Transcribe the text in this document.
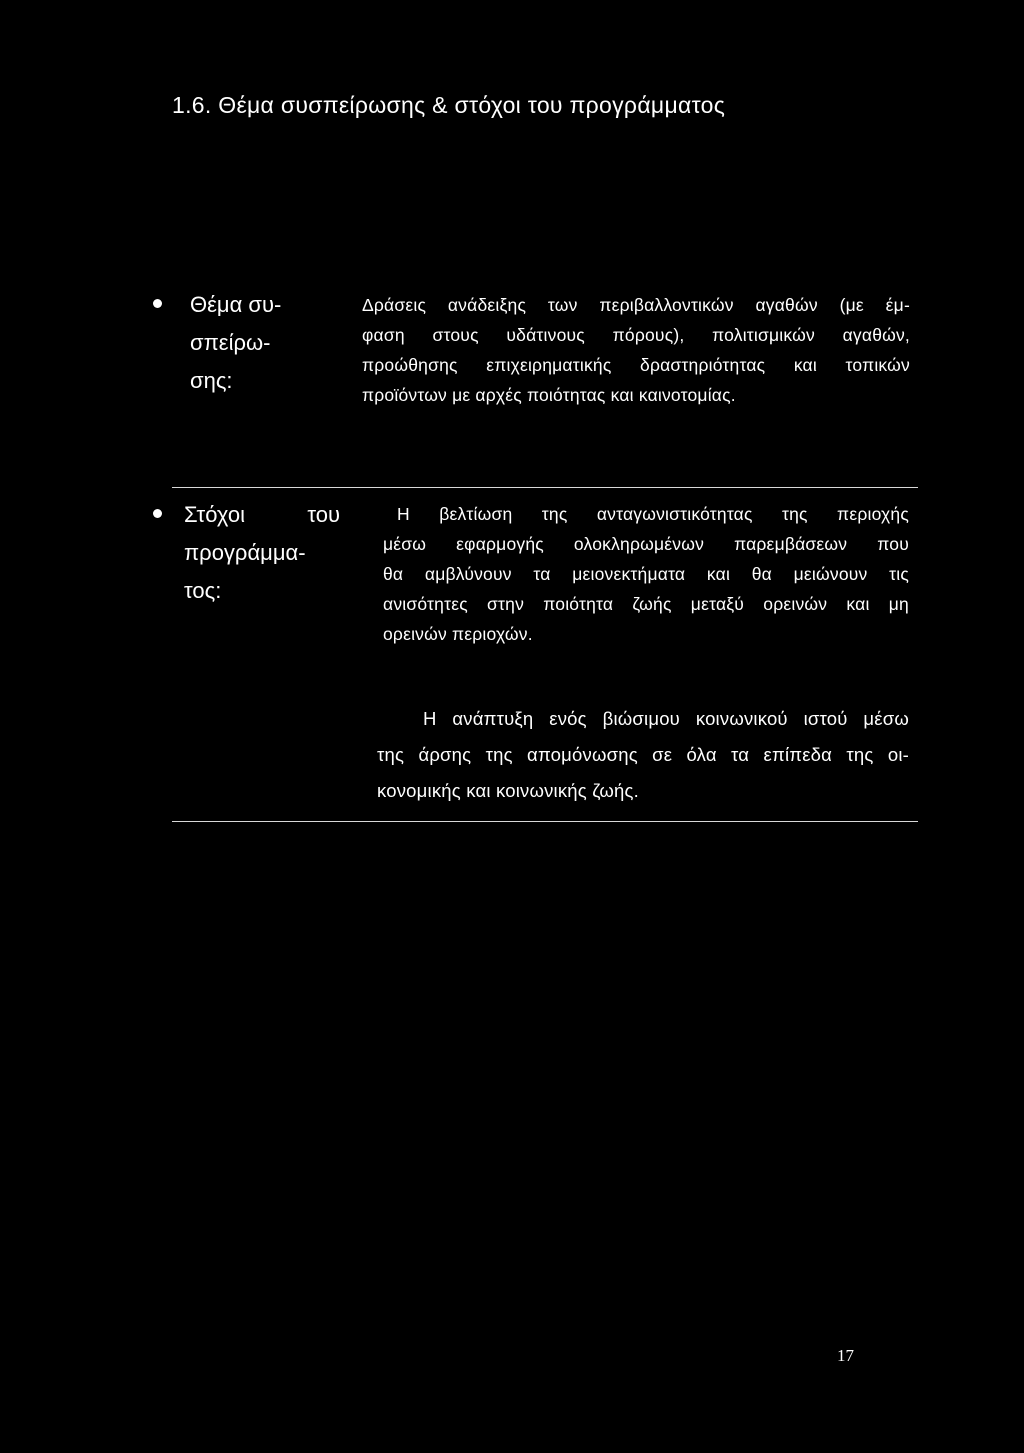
1.6. Θέμα συσπείρωσης & στόχοι του προγράμματος
Θέμα συ-
σπείρω-
σης:
Δράσεις ανάδειξης των περιβαλλοντικών αγαθών (με έμ-
φαση στους υδάτινους πόρους), πολιτισμικών αγαθών,
προώθησης επιχειρηματικής δραστηριότητας και τοπικών
προϊόντων με αρχές ποιότητας και καινοτομίας.
Στόχοι του
προγράμμα-
τος:
Η βελτίωση της ανταγωνιστικότητας της περιοχής
μέσω εφαρμογής ολοκληρωμένων παρεμβάσεων που
θα αμβλύνουν τα μειονεκτήματα και θα μειώνουν τις
ανισότητες στην ποιότητα ζωής μεταξύ ορεινών και μη
ορεινών περιοχών.
Η ανάπτυξη ενός βιώσιμου κοινωνικού ιστού μέσω
της άρσης της απομόνωσης σε όλα τα επίπεδα της οι-
κονομικής και κοινωνικής ζωής.
17
